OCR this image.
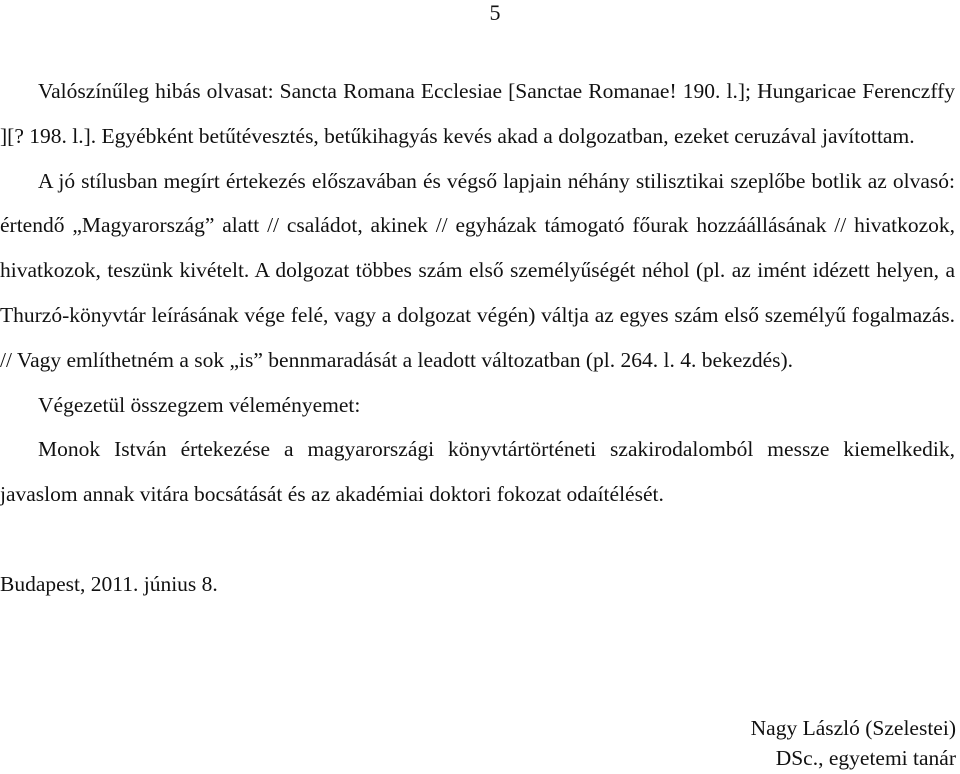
5

Valószínűleg hibás olvasat: Sancta Romana Ecclesiae [Sanctae Romanae! 190. l.]; Hungaricae Ferenczffy ][? 198. l.]. Egyébként betűtévesztés, betűkihagyás kevés akad a dolgozatban, ezeket ceruzával javítottam.

A jó stílusban megírt értekezés előszavában és végső lapjain néhány stilisztikai szeplőbe botlik az olvasó: értendő „Magyarország” alatt // családot, akinek // egyházak támogató főurak hozzáállásának // hivatkozok, hivatkozok, teszünk kivételt. A dolgozat többes szám első személyűségét néhol (pl. az imént idézett helyen, a Thurzó-könyvtár leírásának vége felé, vagy a dolgozat végén) váltja az egyes szám első személyű fogalmazás. // Vagy említhetném a sok „is” bennmaradását a leadott változatban (pl. 264. l. 4. bekezdés).

Végezetül összegzem véleményemet:

Monok István értekezése a magyarországi könyvtártörténeti szakirodalomból messze kiemelkedik, javaslom annak vitára bocsátását és az akadémiai doktori fokozat odaítélését.

Budapest, 2011. június 8.

Nagy László (Szelestei)
DSc., egyetemi tanár
